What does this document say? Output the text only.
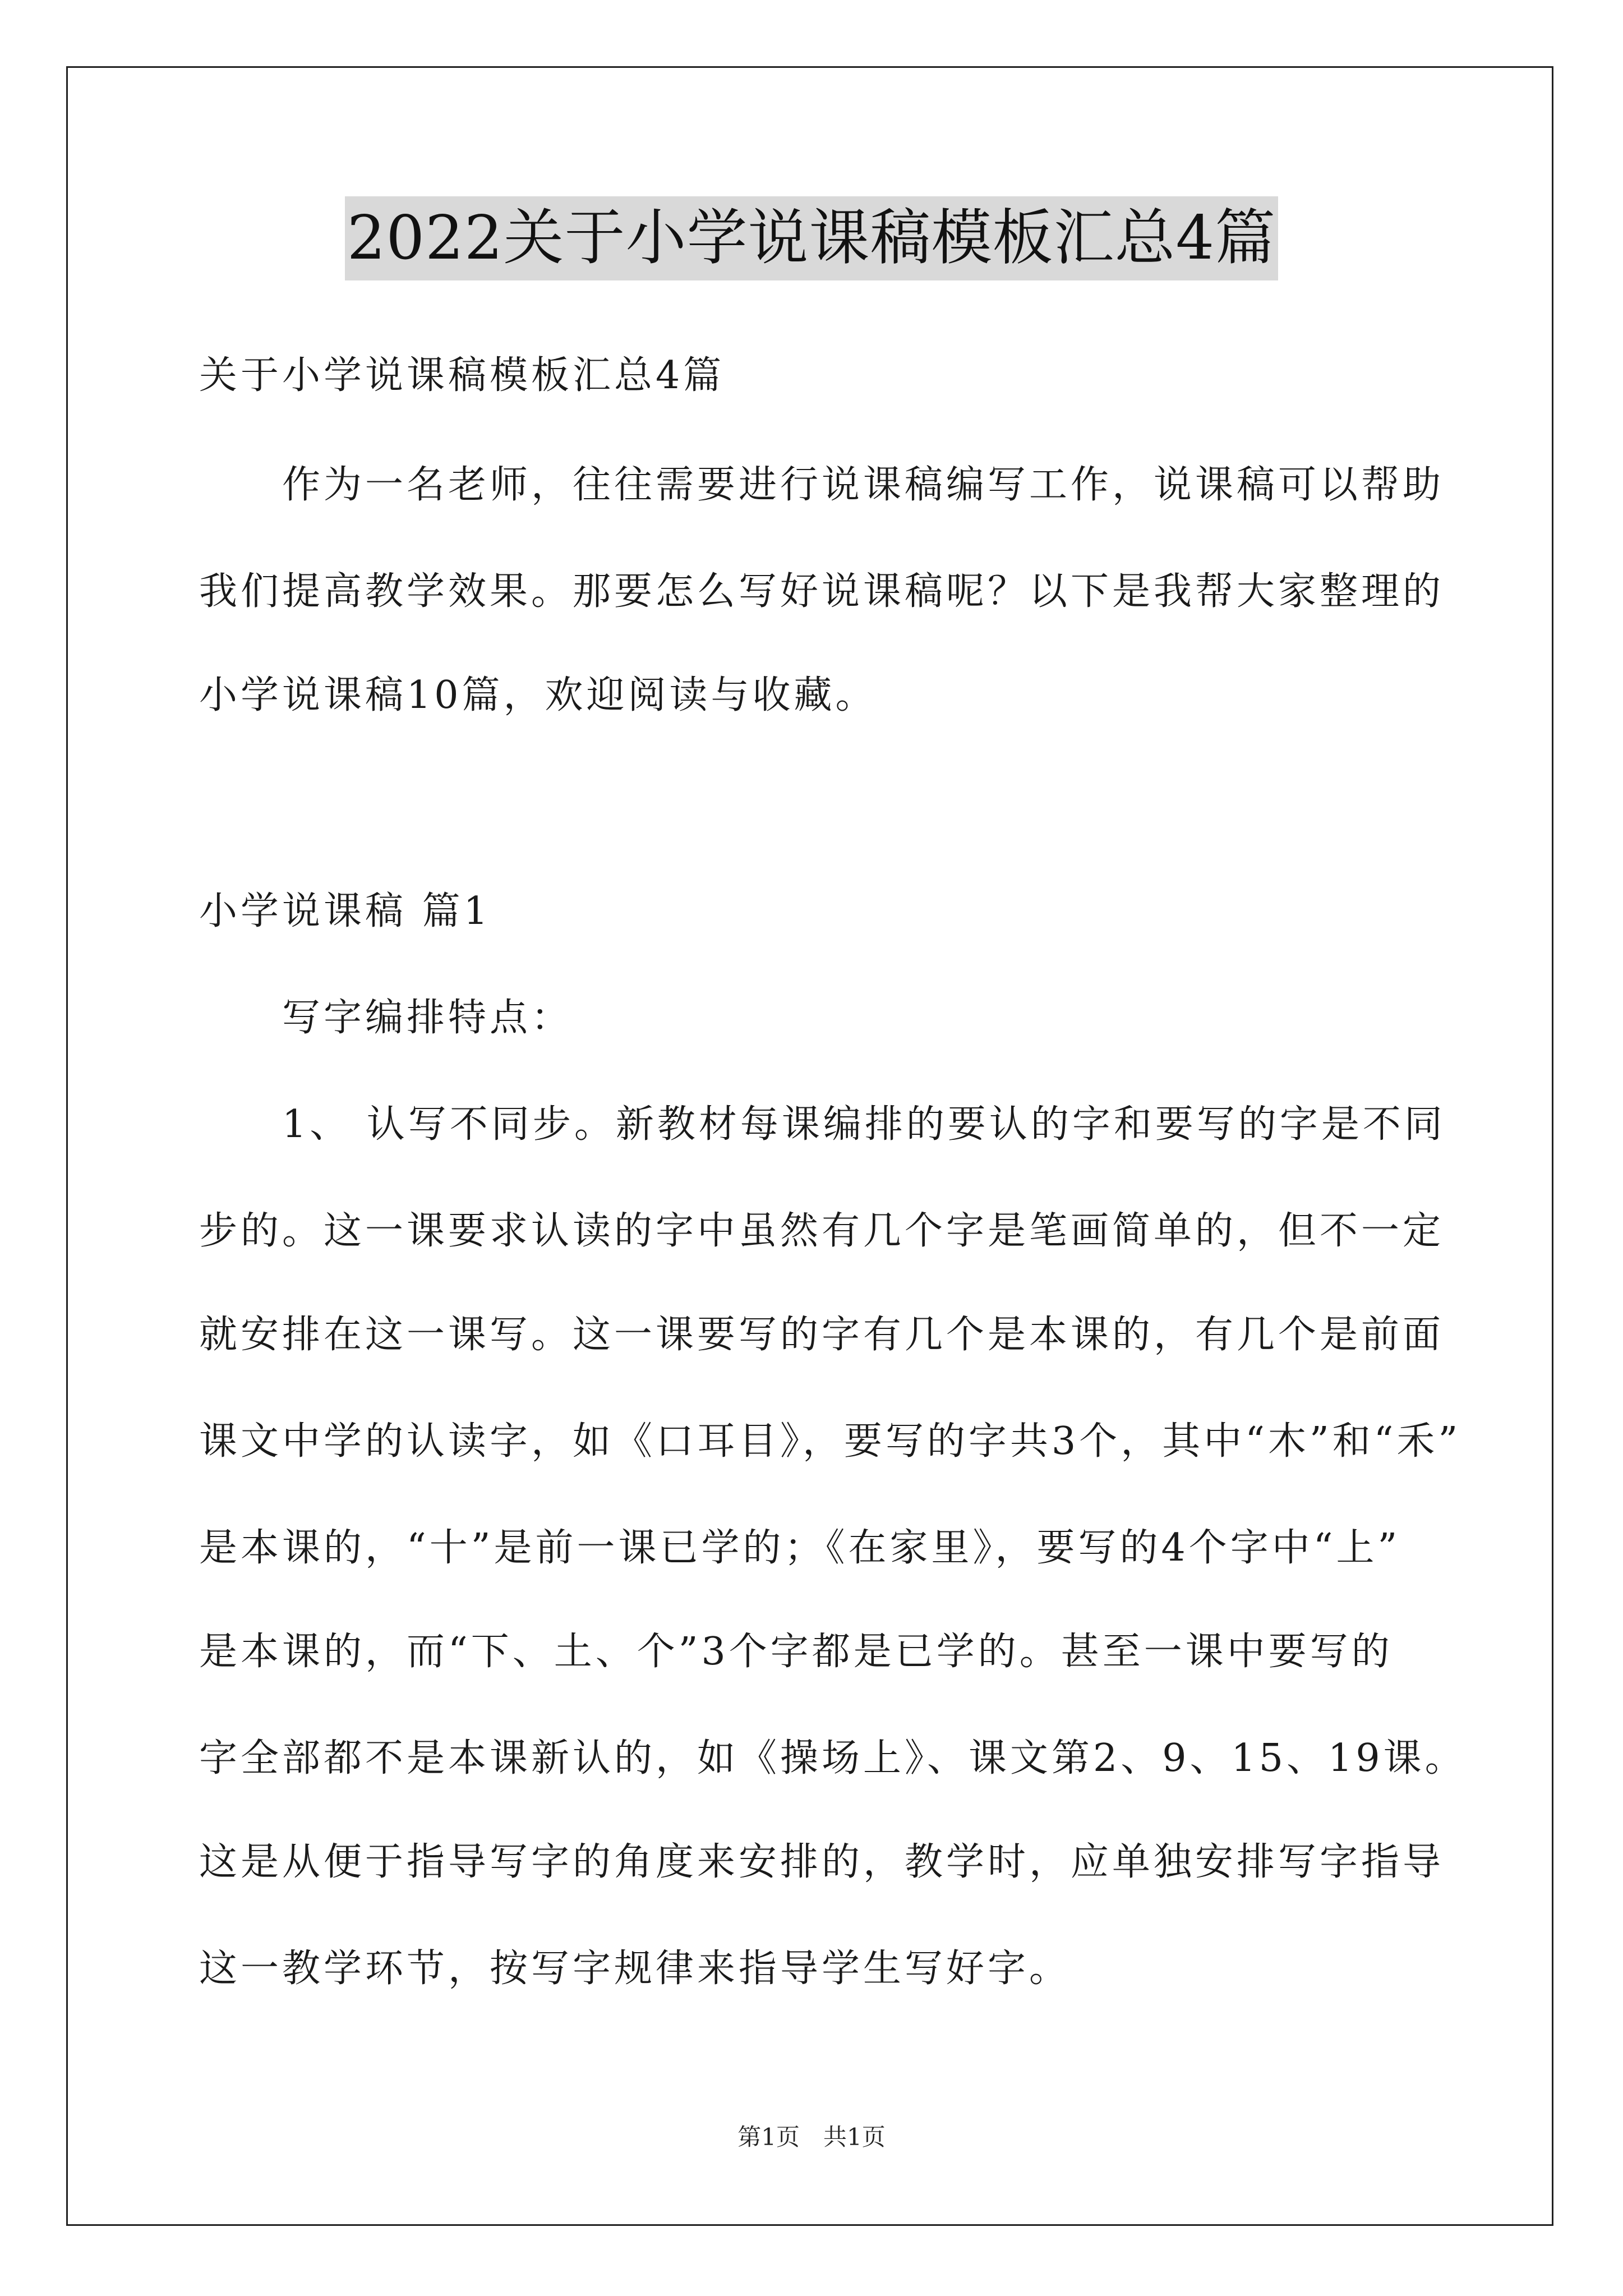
2022关于小学说课稿模板汇总4篇
关于小学说课稿模板汇总4篇
作为一名老师，往往需要进行说课稿编写工作，说课稿可以帮助
我们提高教学效果。那要怎么写好说课稿呢？以下是我帮大家整理的
小学说课稿10篇，欢迎阅读与收藏。
小学说课稿 篇1
写字编排特点：
1、 认写不同步。新教材每课编排的要认的字和要写的字是不同
步的。这一课要求认读的字中虽然有几个字是笔画简单的，但不一定
就安排在这一课写。这一课要写的字有几个是本课的，有几个是前面
课文中学的认读字，如《口耳目》，要写的字共3个，其中“木”和“禾”
是本课的，“十”是前一课已学的；《在家里》，要写的4个字中“上”
是本课的，而“下、土、个”3个字都是已学的。甚至一课中要写的
字全部都不是本课新认的，如《操场上》、课文第2、9、15、19课。
这是从便于指导写字的角度来安排的，教学时，应单独安排写字指导
这一教学环节，按写字规律来指导学生写好字。
第1页　共1页
